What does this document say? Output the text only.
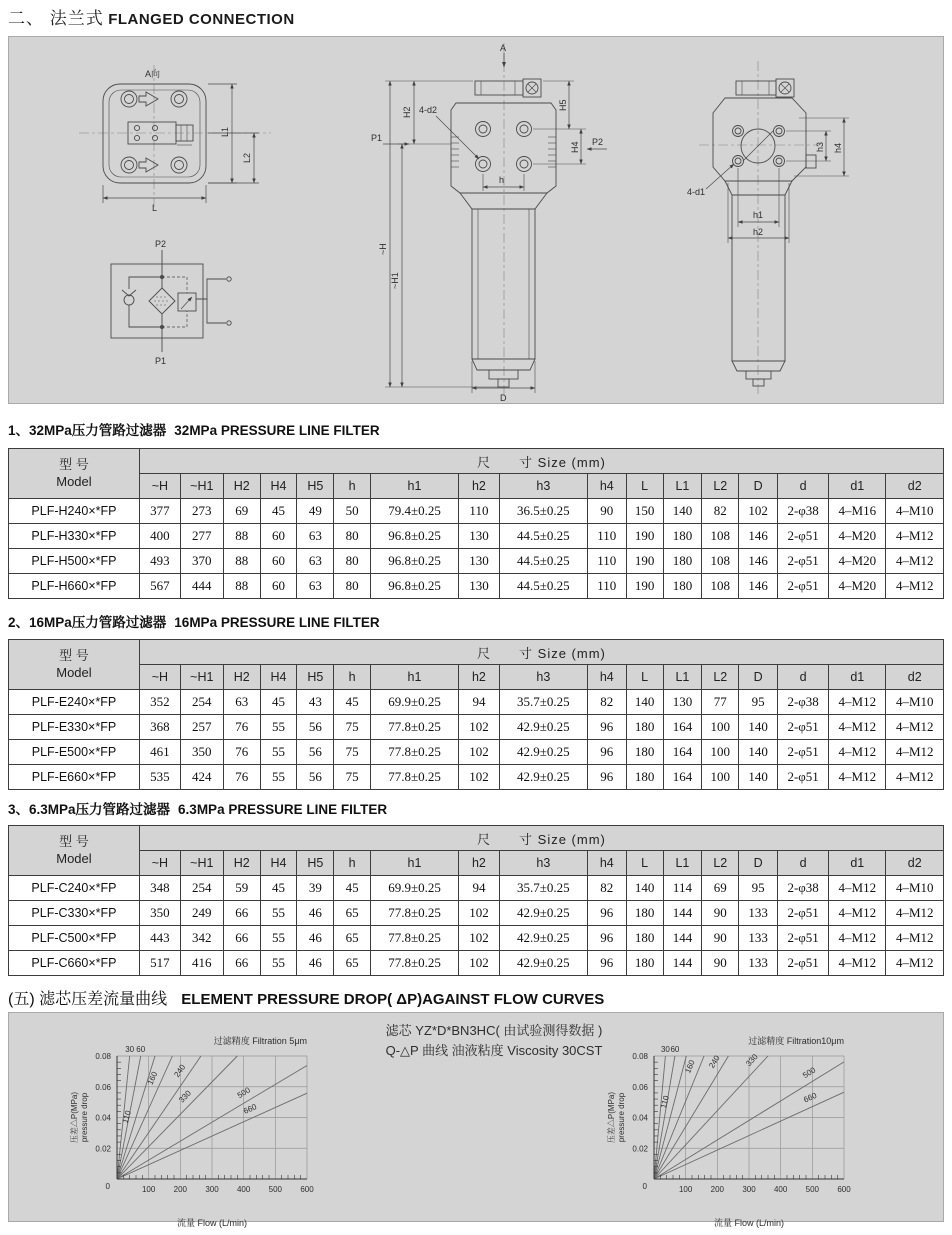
二、 法兰式 FLANGED CONNECTION
A向
L
L1
L2
P2
P1
A
4-d2
H2
P1
~H
~H1
H5
H4 P2
h
D
4-d1
h1
h2
h3 h4
1、32MPa压力管路过滤器 32MPa PRESSURE LINE FILTER
型 号
Model	尺　　寸 Size (mm)																
	~H	~H1	H2	H4	H5	h	h1	h2	h3	h4	L	L1	L2	D	d	d1	d2
PLF-H240×*FP	377	273	69	45	49	50	79.4±0.25	110	36.5±0.25	90	150	140	82	102	2-φ38	4–M16	4–M10
PLF-H330×*FP	400	277	88	60	63	80	96.8±0.25	130	44.5±0.25	110	190	180	108	146	2-φ51	4–M20	4–M12
PLF-H500×*FP	493	370	88	60	63	80	96.8±0.25	130	44.5±0.25	110	190	180	108	146	2-φ51	4–M20	4–M12
PLF-H660×*FP	567	444	88	60	63	80	96.8±0.25	130	44.5±0.25	110	190	180	108	146	2-φ51	4–M20	4–M12
2、16MPa压力管路过滤器 16MPa PRESSURE LINE FILTER
型 号
Model	尺　　寸 Size (mm)																
	~H	~H1	H2	H4	H5	h	h1	h2	h3	h4	L	L1	L2	D	d	d1	d2
PLF-E240×*FP	352	254	63	45	43	45	69.9±0.25	94	35.7±0.25	82	140	130	77	95	2-φ38	4–M12	4–M10
PLF-E330×*FP	368	257	76	55	56	75	77.8±0.25	102	42.9±0.25	96	180	164	100	140	2-φ51	4–M12	4–M12
PLF-E500×*FP	461	350	76	55	56	75	77.8±0.25	102	42.9±0.25	96	180	164	100	140	2-φ51	4–M12	4–M12
PLF-E660×*FP	535	424	76	55	56	75	77.8±0.25	102	42.9±0.25	96	180	164	100	140	2-φ51	4–M12	4–M12
3、6.3MPa压力管路过滤器 6.3MPa PRESSURE LINE FILTER
型 号
Model	尺　　寸 Size (mm)																
	~H	~H1	H2	H4	H5	h	h1	h2	h3	h4	L	L1	L2	D	d	d1	d2
PLF-C240×*FP	348	254	59	45	39	45	69.9±0.25	94	35.7±0.25	82	140	114	69	95	2-φ38	4–M12	4–M10
PLF-C330×*FP	350	249	66	55	46	65	77.8±0.25	102	42.9±0.25	96	180	144	90	133	2-φ51	4–M12	4–M12
PLF-C500×*FP	443	342	66	55	46	65	77.8±0.25	102	42.9±0.25	96	180	144	90	133	2-φ51	4–M12	4–M12
PLF-C660×*FP	517	416	66	55	46	65	77.8±0.25	102	42.9±0.25	96	180	144	90	133	2-φ51	4–M12	4–M12
(五) 滤芯压差流量曲线 ELEMENT PRESSURE DROP( ΔP)AGAINST FLOW CURVES
滤芯 YZ*D*BN3HC( 由试验测得数据 )
Q-△P 曲线 油液粘度 Viscosity 30CST
30 60
110
160 240
330	500
660
0.02
0.04
0.06
0.08
0	100 200 300 400 500 600
过滤精度 Filtration 5μm
流量 Flow (L/min)
压差△P(MPa) pressure drop
30 60
110
160 240	330
500
660
0.02
0.04
0.06
0.08
0	100 200 300 400 500 600
过滤精度 Filtration10μm
流量 Flow (L/min)
压差△P(MPa) pressure drop
